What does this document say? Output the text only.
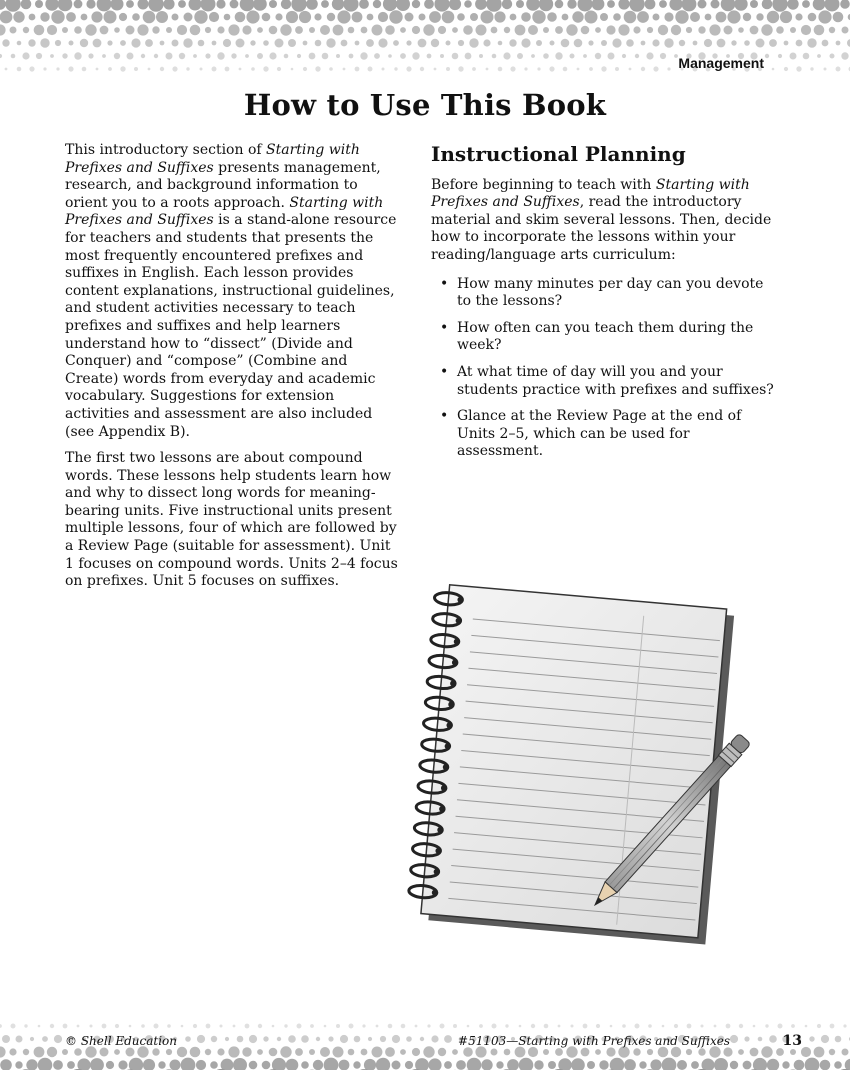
Management
How to Use This Book

This introductory section of Starting with Prefixes and Suffixes presents management, research, and background information to orient you to a roots approach. Starting with Prefixes and Suffixes is a stand-alone resource for teachers and students that presents the most frequently encountered prefixes and suffixes in English. Each lesson provides content explanations, instructional guidelines, and student activities necessary to teach prefixes and suffixes and help learners understand how to “dissect” (Divide and Conquer) and “compose” (Combine and Create) words from everyday and academic vocabulary. Suggestions for extension activities and assessment are also included (see Appendix B).

The first two lessons are about compound words. These lessons help students learn how and why to dissect long words for meaning-bearing units. Five instructional units present multiple lessons, four of which are followed by a Review Page (suitable for assessment). Unit 1 focuses on compound words. Units 2–4 focus on prefixes. Unit 5 focuses on suffixes.

Instructional Planning

Before beginning to teach with Starting with Prefixes and Suffixes, read the introductory material and skim several lessons. Then, decide how to incorporate the lessons within your reading/language arts curriculum:

• How many minutes per day can you devote to the lessons?
• How often can you teach them during the week?
• At what time of day will you and your students practice with prefixes and suffixes?
• Glance at the Review Page at the end of Units 2–5, which can be used for assessment.
© Shell Education	#51103—Starting with Prefixes and Suffixes	13
